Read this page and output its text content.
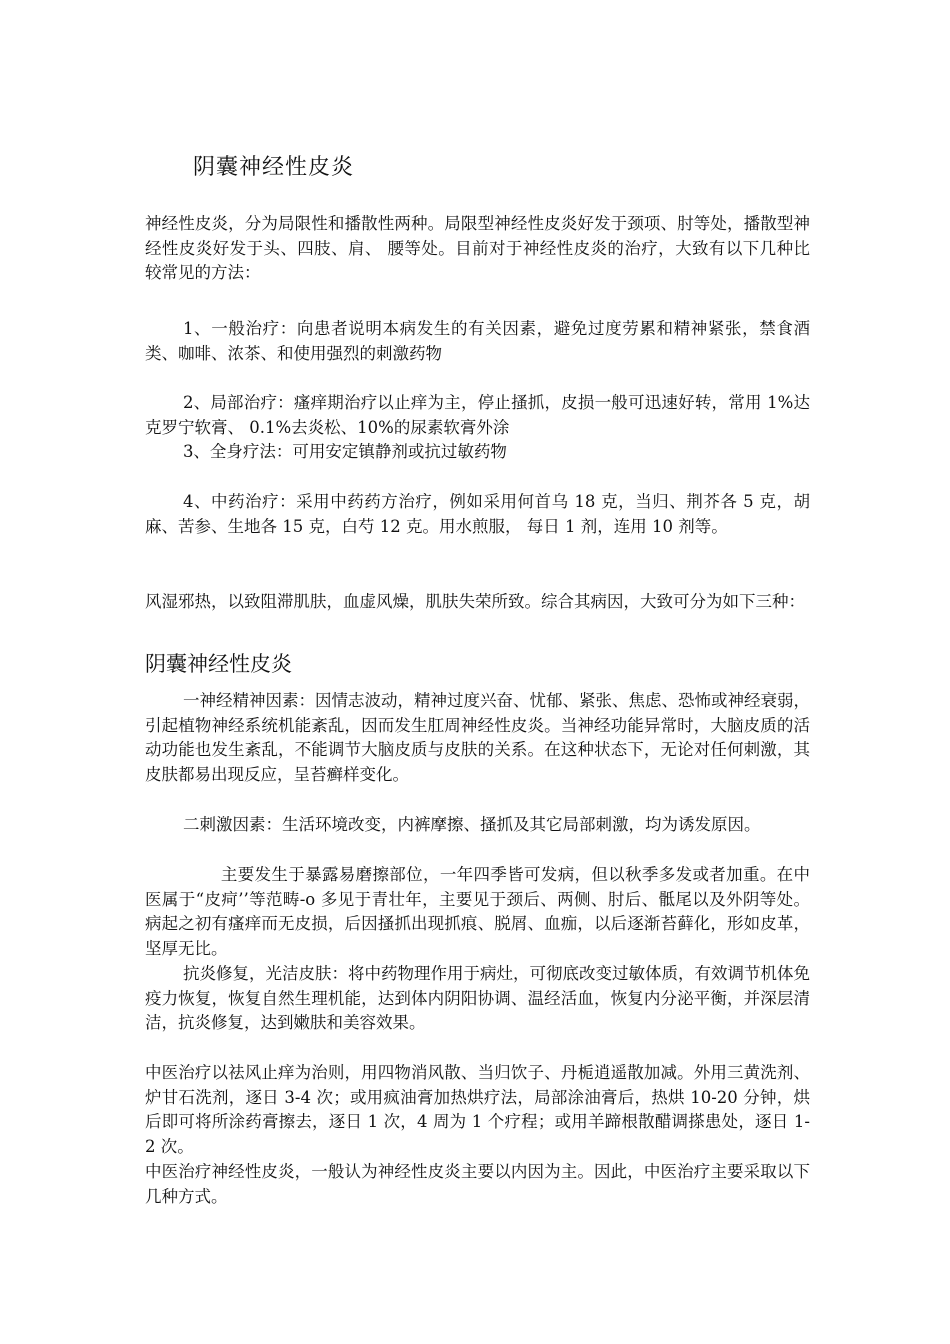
阴囊神经性皮炎

神经性皮炎，分为局限性和播散性两种。局限型神经性皮炎好发于颈项、肘等处，播散型神经性皮炎好发于头、四肢、肩、 腰等处。目前对于神经性皮炎的治疗，大致有以下几种比较常见的方法：

1、一般治疗：向患者说明本病发生的有关因素，避免过度劳累和精神紧张，禁食酒类、咖啡、浓茶、和使用强烈的刺激药物

2、局部治疗：瘙痒期治疗以止痒为主，停止搔抓，皮损一般可迅速好转，常用 1%达克罗宁软膏、 0.1%去炎松、10%的尿素软膏外涂

3、全身疗法：可用安定镇静剂或抗过敏药物

4、中药治疗：采用中药药方治疗，例如采用何首乌 18 克，当归、荆芥各 5 克，胡麻、苦参、生地各 15 克，白芍 12 克。用水煎服， 每日 1 剂，连用 10 剂等。

风湿邪热，以致阻滞肌肤，血虚风燥，肌肤失荣所致。综合其病因，大致可分为如下三种：

阴囊神经性皮炎

一神经精神因素：因情志波动，精神过度兴奋、忧郁、紧张、焦虑、恐怖或神经衰弱，引起植物神经系统机能紊乱，因而发生肛周神经性皮炎。当神经功能异常时，大脑皮质的活动功能也发生紊乱，不能调节大脑皮质与皮肤的关系。在这种状态下，无论对任何刺激，其皮肤都易出现反应，呈苔癣样变化。

二刺激因素：生活环境改变，内裤摩擦、搔抓及其它局部刺激，均为诱发原因。

主要发生于暴露易磨擦部位，一年四季皆可发病，但以秋季多发或者加重。在中医属于“皮疴’’等范畴-o 多见于青壮年，主要见于颈后、两侧、肘后、骶尾以及外阴等处。病起之初有瘙痒而无皮损，后因搔抓出现抓痕、脱屑、血痂，以后逐渐苔藓化，形如皮革，坚厚无比。

抗炎修复，光洁皮肤：将中药物理作用于病灶，可彻底改变过敏体质，有效调节机体免疫力恢复，恢复自然生理机能，达到体内阴阳协调、温经活血，恢复内分泌平衡，并深层清洁，抗炎修复，达到嫩肤和美容效果。

中医治疗以祛风止痒为治则，用四物消风散、当归饮子、丹栀逍遥散加减。外用三黄洗剂、炉甘石洗剂，逐日 3-4 次；或用疯油膏加热烘疗法，局部涂油膏后，热烘 10-20 分钟，烘后即可将所涂药膏擦去，逐日 1 次，4 周为 1 个疗程；或用羊蹄根散醋调搽患处，逐日 1-2 次。

中医治疗神经性皮炎，一般认为神经性皮炎主要以内因为主。因此，中医治疗主要采取以下几种方式。
